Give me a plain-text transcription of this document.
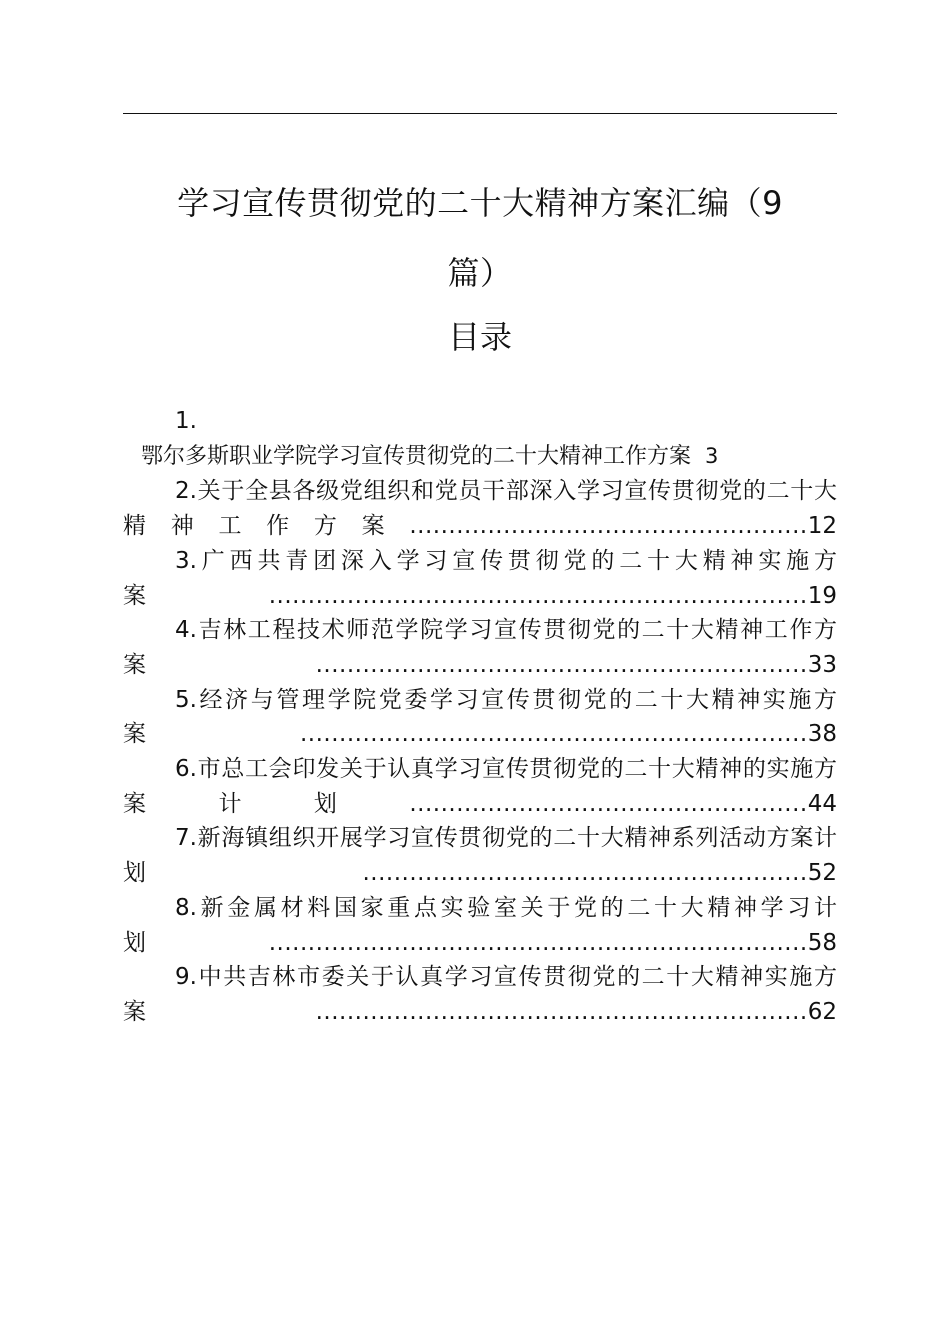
学习宣传贯彻党的二十大精神方案汇编（9
篇）
目录
1.
鄂尔多斯职业学院学习宣传贯彻党的二十大精神工作方案 3
2.关于全县各级党组织和党员干部深入学习宣传贯彻党的二十大精神工作方案...................................................12
3.广西共青团深入学习宣传贯彻党的二十大精神实施方案.....................................................................19
4.吉林工程技术师范学院学习宣传贯彻党的二十大精神工作方案...............................................................33
5.经济与管理学院党委学习宣传贯彻党的二十大精神实施方案.................................................................38
6.市总工会印发关于认真学习宣传贯彻党的二十大精神的实施方案计划...................................................44
7.新海镇组织开展学习宣传贯彻党的二十大精神系列活动方案计划.........................................................52
8.新金属材料国家重点实验室关于党的二十大精神学习计划.....................................................................58
9.中共吉林市委关于认真学习宣传贯彻党的二十大精神实施方案...............................................................62
